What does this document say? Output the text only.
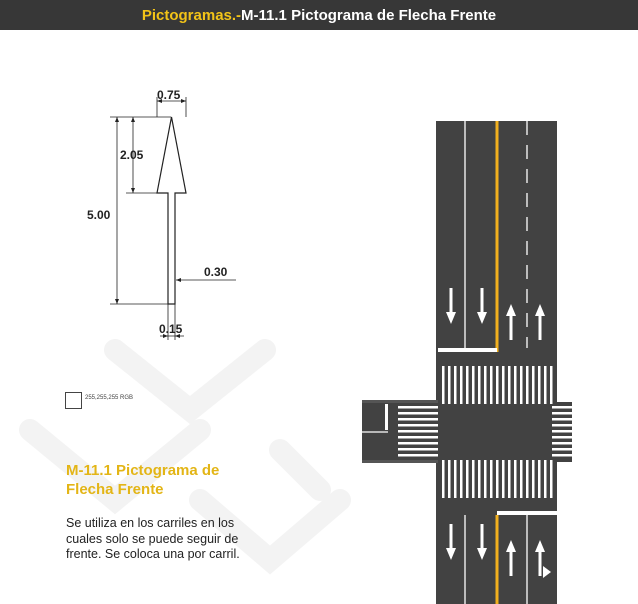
Pictogramas.- M-11.1 Pictograma de Flecha Frente
0.75
2.05
5.00
0.30
0.15
255,255,255 RGB
M-11.1 Pictograma de Flecha Frente
Se utiliza en los carriles en los cuales solo se puede seguir de frente. Se coloca una por carril.
